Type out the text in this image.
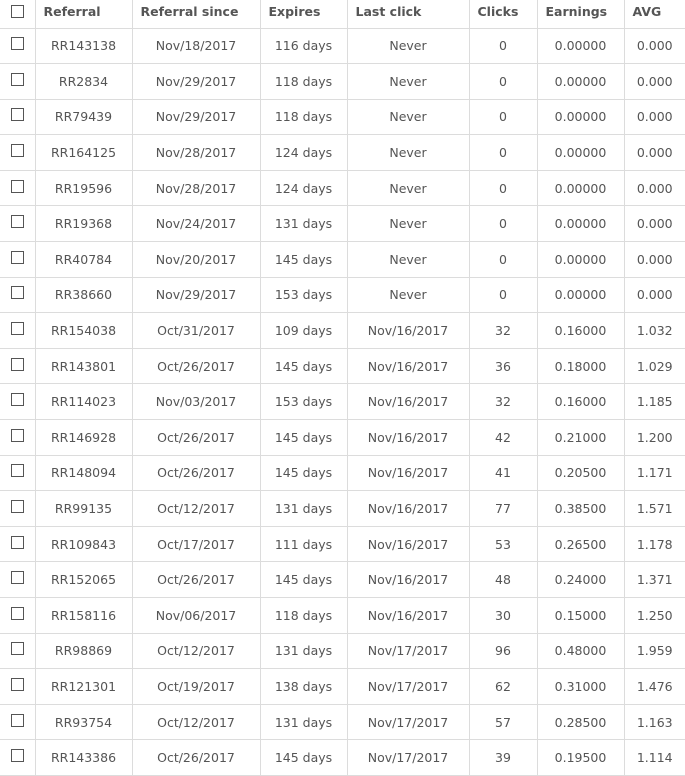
	Referral	Referral since	Expires	Last click	Clicks	Earnings	AVG
	RR143138	Nov/18/2017	116 days	Never	0	0.00000	0.000
	RR2834	Nov/29/2017	118 days	Never	0	0.00000	0.000
	RR79439	Nov/29/2017	118 days	Never	0	0.00000	0.000
	RR164125	Nov/28/2017	124 days	Never	0	0.00000	0.000
	RR19596	Nov/28/2017	124 days	Never	0	0.00000	0.000
	RR19368	Nov/24/2017	131 days	Never	0	0.00000	0.000
	RR40784	Nov/20/2017	145 days	Never	0	0.00000	0.000
	RR38660	Nov/29/2017	153 days	Never	0	0.00000	0.000
	RR154038	Oct/31/2017	109 days	Nov/16/2017	32	0.16000	1.032
	RR143801	Oct/26/2017	145 days	Nov/16/2017	36	0.18000	1.029
	RR114023	Nov/03/2017	153 days	Nov/16/2017	32	0.16000	1.185
	RR146928	Oct/26/2017	145 days	Nov/16/2017	42	0.21000	1.200
	RR148094	Oct/26/2017	145 days	Nov/16/2017	41	0.20500	1.171
	RR99135	Oct/12/2017	131 days	Nov/16/2017	77	0.38500	1.571
	RR109843	Oct/17/2017	111 days	Nov/16/2017	53	0.26500	1.178
	RR152065	Oct/26/2017	145 days	Nov/16/2017	48	0.24000	1.371
	RR158116	Nov/06/2017	118 days	Nov/16/2017	30	0.15000	1.250
	RR98869	Oct/12/2017	131 days	Nov/17/2017	96	0.48000	1.959
	RR121301	Oct/19/2017	138 days	Nov/17/2017	62	0.31000	1.476
	RR93754	Oct/12/2017	131 days	Nov/17/2017	57	0.28500	1.163
	RR143386	Oct/26/2017	145 days	Nov/17/2017	39	0.19500	1.114
